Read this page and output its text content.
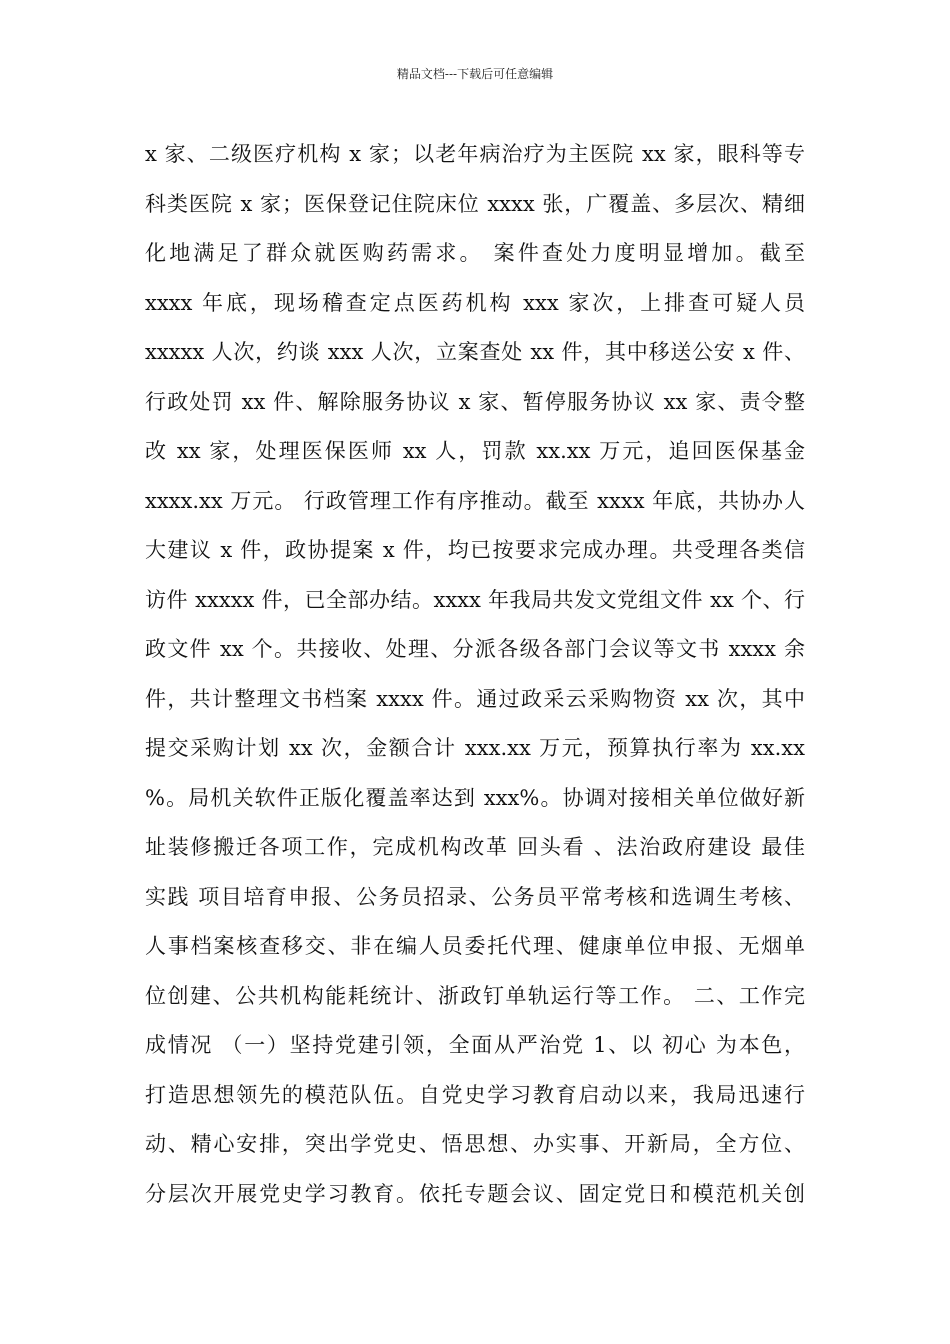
精品文档---下载后可任意编辑
x 家、二级医疗机构 x 家；以老年病治疗为主医院 xx 家，眼科等专
科类医院 x 家；医保登记住院床位 xxxx 张，广覆盖、多层次、精细
化地满足了群众就医购药需求。 案件查处力度明显增加。截至
xxxx 年底，现场稽查定点医药机构 xxx 家次，上排查可疑人员
xxxxx 人次，约谈 xxx 人次，立案查处 xx 件，其中移送公安 x 件、
行政处罚 xx 件、解除服务协议 x 家、暂停服务协议 xx 家、责令整
改 xx 家，处理医保医师 xx 人，罚款 xx.xx 万元，追回医保基金
xxxx.xx 万元。 行政管理工作有序推动。截至 xxxx 年底，共协办人
大建议 x 件，政协提案 x 件，均已按要求完成办理。共受理各类信
访件 xxxxx 件，已全部办结。xxxx 年我局共发文党组文件 xx 个、行
政文件 xx 个。共接收、处理、分派各级各部门会议等文书 xxxx 余
件，共计整理文书档案 xxxx 件。通过政采云采购物资 xx 次，其中
提交采购计划 xx 次，金额合计 xxx.xx 万元，预算执行率为 xx.xx
%。局机关软件正版化覆盖率达到 xxx%。协调对接相关单位做好新
址装修搬迁各项工作，完成机构改革 回头看 、法治政府建设 最佳
实践 项目培育申报、公务员招录、公务员平常考核和选调生考核、
人事档案核查移交、非在编人员委托代理、健康单位申报、无烟单
位创建、公共机构能耗统计、浙政钉单轨运行等工作。 二、工作完
成情况 （一）坚持党建引领，全面从严治党 1、以 初心 为本色，
打造思想领先的模范队伍。自党史学习教育启动以来，我局迅速行
动、精心安排，突出学党史、悟思想、办实事、开新局，全方位、
分层次开展党史学习教育。依托专题会议、固定党日和模范机关创
